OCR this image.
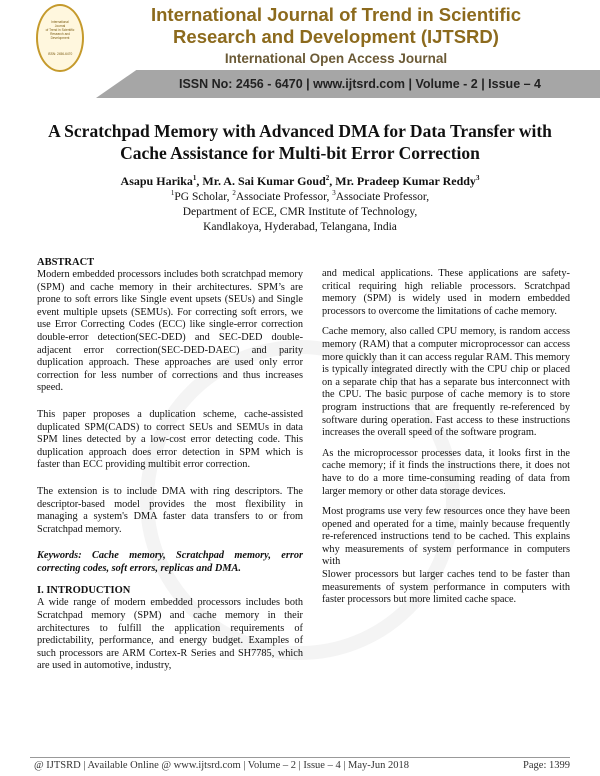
International
Journal
of Trend in Scientific
Research and
Development
ISSN: 2456-6470
International Journal of Trend in Scientific
Research and Development (IJTSRD)
International Open Access Journal
ISSN No: 2456 - 6470 | www.ijtsrd.com | Volume - 2 | Issue – 4
A Scratchpad Memory with Advanced DMA for Data Transfer with
Cache Assistance for Multi-bit Error Correction
Asapu Harika$^1$, Mr. A. Sai Kumar Goud$^2$, Mr. Pradeep Kumar Reddy$^3$
$^1$PG Scholar, $^2$Associate Professor, $^3$Associate Professor,
Department of ECE, CMR Institute of Technology,
Kandlakoya, Hyderabad, Telangana, India
ABSTRACT

Modern embedded processors includes both scratchpad memory (SPM) and cache memory in their architectures. SPM’s are prone to soft errors like Single event upsets (SEUs) and Single event multiple upsets (SEMUs). For correcting soft errors, we use Error Correcting Codes (ECC) like single-error correction double-error detection(SEC-DED) and SEC-DED double-adjacent error correction(SEC-DED-DAEC) and parity duplication approach. These approaches are used only error correction for less number of corrections and thus increases speed.

This paper proposes a duplication scheme, cache-assisted duplicated SPM(CADS) to correct SEUs and SEMUs in data SPM lines detected by a low-cost error detecting code. This duplication approach does error detection in SPM which is faster than ECC providing multibit error correction.

The extension is to include DMA with ring descriptors. The descriptor-based model provides the most flexibility in managing a system's DMA faster data transfers to or from Scratchpad memory.

Keywords: Cache memory, Scratchpad memory, error correcting codes, soft errors, replicas and DMA.

I. INTRODUCTION

A wide range of modern embedded processors includes both Scratchpad memory (SPM) and cache memory in their architectures to fulfill the application requirements of predictability, performance, and energy budget. Examples of such processors are ARM Cortex-R Series and SH7785, which are used in automotive, industry,

and medical applications. These applications are safety-critical requiring high reliable processors. Scratchpad memory (SPM) is widely used in modern embedded processors to overcome the limitations of cache memory.

Cache memory, also called CPU memory, is random access memory (RAM) that a computer microprocessor can access more quickly than it can access regular RAM. This memory is typically integrated directly with the CPU chip or placed on a separate chip that has a separate bus interconnect with the CPU. The basic purpose of cache memory is to store program instructions that are frequently re-referenced by software during operation. Fast access to these instructions increases the overall speed of the software program.

As the microprocessor processes data, it looks first in the cache memory; if it finds the instructions there, it does not have to do a more time-consuming reading of data from larger memory or other data storage devices.

Most programs use very few resources once they have been opened and operated for a time, mainly because frequently re-referenced instructions tend to be cached. This explains why measurements of system performance in computers with

Slower processors but larger caches tend to be faster than measurements of system performance in computers with faster processors but more limited cache space.

@ IJTSRD | Available Online @ www.ijtsrd.com | Volume – 2 | Issue – 4 | May-Jun 2018	Page: 1399
